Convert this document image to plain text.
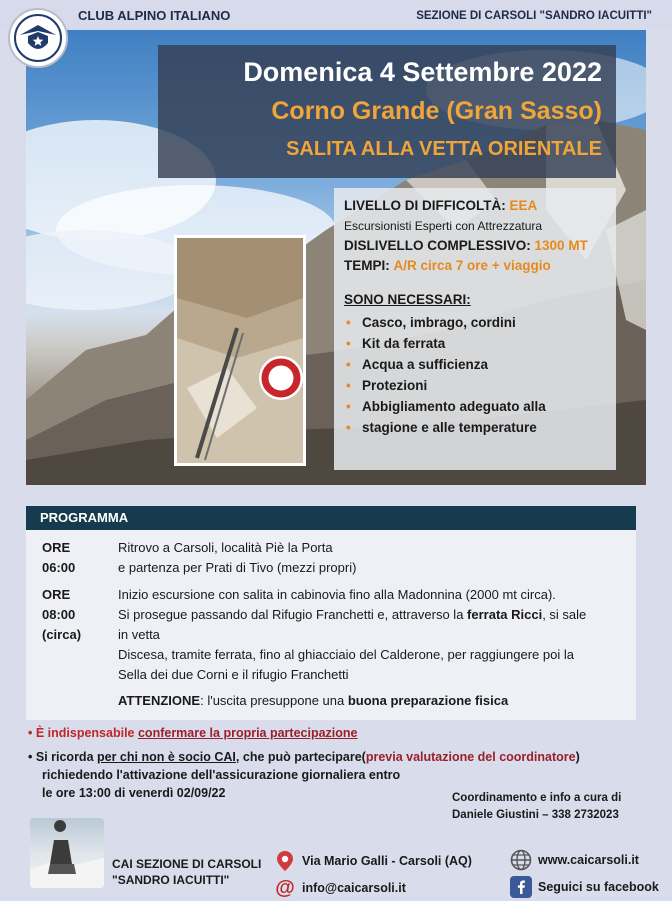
CLUB ALPINO ITALIANO	SEZIONE DI CARSOLI "SANDRO IACUITTI"
Domenica 4 Settembre 2022
Corno Grande (Gran Sasso)
SALITA ALLA VETTA ORIENTALE
LIVELLO DI DIFFICOLTÀ: EEA
Escursionisti Esperti con Attrezzatura
DISLIVELLO COMPLESSIVO: 1300 MT
TEMPI: A/R circa 7 ore + viaggio
SONO NECESSARI:
• Casco, imbrago, cordini
• Kit da ferrata
• Acqua a sufficienza
• Protezioni
• Abbigliamento adeguato alla
• stagione e alle temperature
PROGRAMMA
ORE
06:00
Ritrovo a Carsoli, località Piè la Porta
e partenza per Prati di Tivo (mezzi propri)
ORE
08:00
(circa)
Inizio escursione con salita in cabinovia fino alla Madonnina (2000 mt circa).
Si prosegue passando dal Rifugio Franchetti e, attraverso la ferrata Ricci, si sale
in vetta
Discesa, tramite ferrata, fino al ghiacciaio del Calderone, per raggiungere poi la
Sella dei due Corni e il rifugio Franchetti
ATTENZIONE: l'uscita presuppone una buona preparazione fisica
• È indispensabile confermare la propria partecipazione
• Si ricorda per chi non è socio CAI, che può partecipare(previa valutazione del coordinatore)
richiedendo l'attivazione dell'assicurazione giornaliera entro
le ore 13:00 di venerdì 02/09/22	Coordinamento e info a cura di
Daniele Giustini – 338 2732023
CAI SEZIONE DI CARSOLI
"SANDRO IACUITTI"
Via Mario Galli - Carsoli (AQ)
@ info@caicarsoli.it
www.caicarsoli.it
Seguici su facebook
